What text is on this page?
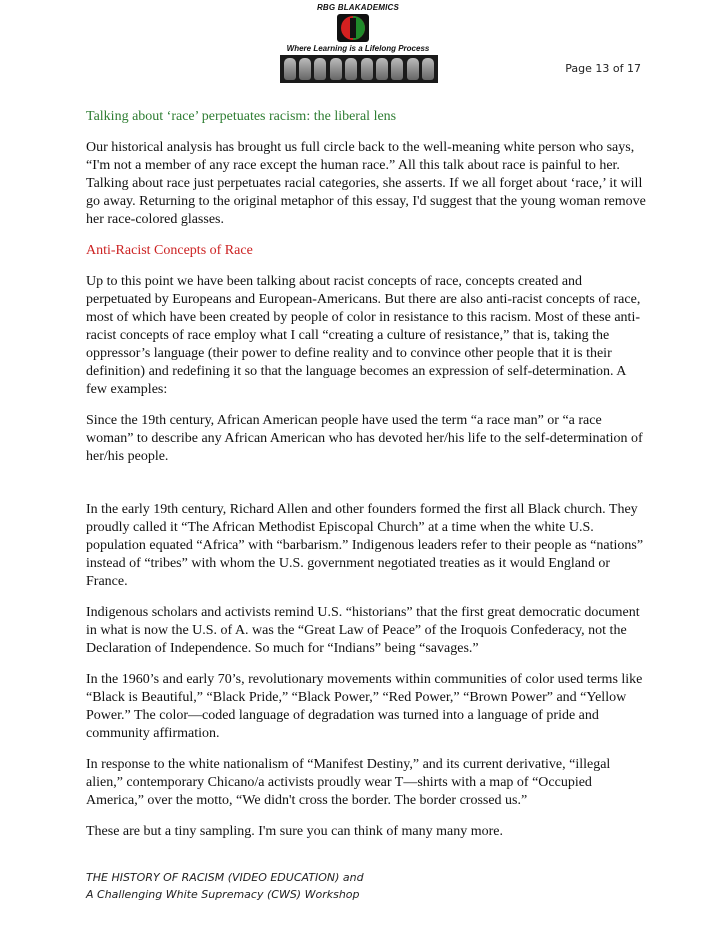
RBG BLAKADEMICS
Where Learning is a Lifelong Process
Page 13 of 17

Talking about ‘race’ perpetuates racism: the liberal lens

Our historical analysis has brought us full circle back to the well-meaning white person who says, “I'm not a member of any race except the human race.” All this talk about race is painful to her. Talking about race just perpetuates racial categories, she asserts. If we all forget about ‘race,’ it will go away. Returning to the original metaphor of this essay, I'd suggest that the young woman remove her race-colored glasses.

Anti-Racist Concepts of Race

Up to this point we have been talking about racist concepts of race, concepts created and perpetuated by Europeans and European-Americans. But there are also anti-racist concepts of race, most of which have been created by people of color in resistance to this racism. Most of these anti-racist concepts of race employ what I call “creating a culture of resistance,” that is, taking the oppressor’s language (their power to define reality and to convince other people that it is their definition) and redefining it so that the language becomes an expression of self-determination. A few examples:

Since the 19th century, African American people have used the term “a race man” or “a race woman” to describe any African American who has devoted her/his life to the self-determination of her/his people.

In the early 19th century, Richard Allen and other founders formed the first all Black church. They proudly called it “The African Methodist Episcopal Church” at a time when the white U.S. population equated “Africa” with “barbarism.” Indigenous leaders refer to their people as “nations” instead of “tribes” with whom the U.S. government negotiated treaties as it would England or France.

Indigenous scholars and activists remind U.S. “historians” that the first great democratic document in what is now the U.S. of A. was the “Great Law of Peace” of the Iroquois Confederacy, not the Declaration of Independence. So much for “Indians” being “savages.”

In the 1960’s and early 70’s, revolutionary movements within communities of color used terms like “Black is Beautiful,” “Black Pride,” “Black Power,” “Red Power,” “Brown Power” and “Yellow Power.” The color—coded language of degradation was turned into a language of pride and community affirmation.

In response to the white nationalism of “Manifest Destiny,” and its current derivative, “illegal alien,” contemporary Chicano/a activists proudly wear T—shirts with a map of “Occupied America,” over the motto, “We didn't cross the border. The border crossed us.”

These are but a tiny sampling. I'm sure you can think of many many more.

THE HISTORY OF RACISM (VIDEO EDUCATION) and
A Challenging White Supremacy (CWS) Workshop
